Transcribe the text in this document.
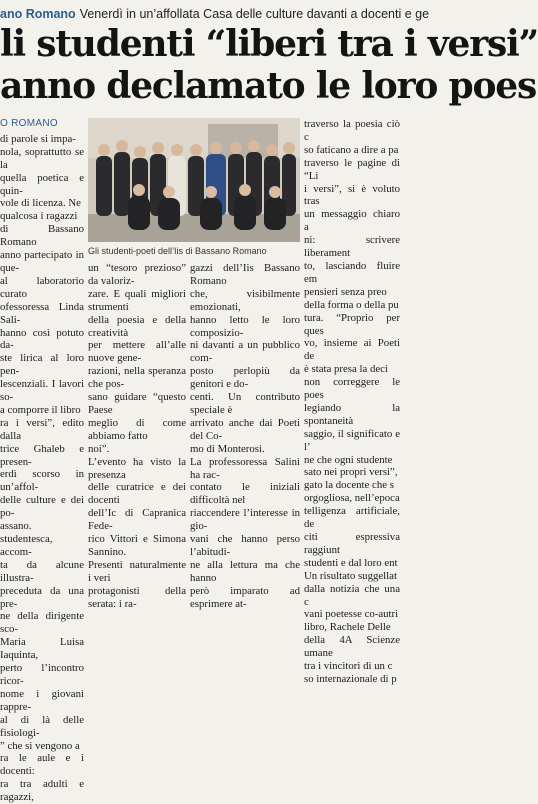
ano Romano Venerdì in un’affollata Casa delle culture davanti a docenti e ge
li studenti “liberi tra i versi”
anno declamato le loro poes
O ROMANO

di parole si impa-
nola, soprattutto se la
quella poetica e quin-
vole di licenza. Ne
qualcosa i ragazzi
di Bassano Romano
anno partecipato in que-
al laboratorio curato
ofessoressa Linda Sali-
hanno così potuto da-
ste lirica al loro pen-
lescenziali. I lavori so-
a comporre il libro
ra i versi”, edito dalla
trice Ghaleb e presen-
erdì scorso in un’affol-
delle culture e dei po-
assano.
studentesca, accom-
ta da alcune illustra-
precedutа da una pre-
ne della dirigente sco-
Maria Luisa Iaquinta,
perto l’incontro ricor-
nome i giovani rappre-
al di là delle fisiologi-
” che si vengono a
ra le aule e i docenti:
ra tra adulti e ragazzi,

Gli studenti-poeti dell’Iis di Bassano Romano

un “tesoro prezioso” da valoriz-
zare. E quali migliori strumenti
della poesia e della creatività
per mettere all’alle nuove gene-
razioni, nella speranza che pos-
sano guidare “questo Paese
meglio di come abbiamo fatto
noi”.
L’evento ha visto la presenza
delle curatrice e dei docenti
dell’Ic di Capranica Fede-
rico Vittori e Simona Sannino.
Presenti naturalmente i veri
protagonisti della serata: i ra-

gazzi dell’Iis Bassano Romano
che, visibilmente emozionati,
hanno letto le loro composizio-
ni davanti a un pubblico com-
posto perlopiù da genitori e do-
centi. Un contributo speciale è
arrivato anche dai Poeti del Co-
mo di Monterosi.
La professoressa Salini ha rac-
contato le iniziali difficoltà nel
riaccendere l’interesse in gio-
vani che hanno perso l’abitudi-
ne alla lettura ma che hanno
però imparato ad esprimere at-

traverso la poesia ciò c
so faticano a dire a pa
traverso le pagine di “Li
i versi”, si è voluto tras
un messaggio chiaro a
ni: scrivere liberament
to, lasciando fluire em
pensieri senza preo
della forma o della pu
tura. “Proprio per ques
vo, insieme ai Poeti de
è stata presa la deci
non correggere le poes
legiando la spontaneità
saggio, il significato e l’
ne che ogni studente
sato nei propri versi”,
gato la docente che s
orgogliosa, nell’epoca
telligenza artificiale, de
citi espressiva raggiunt
studenti e dal loro ent
Un risultato suggellat
dalla notizia che una c
vani poetesse co-autri
libro, Rachele Delle
della 4A Scienze umane
tra i vincitori di un c
so internazionale di p
